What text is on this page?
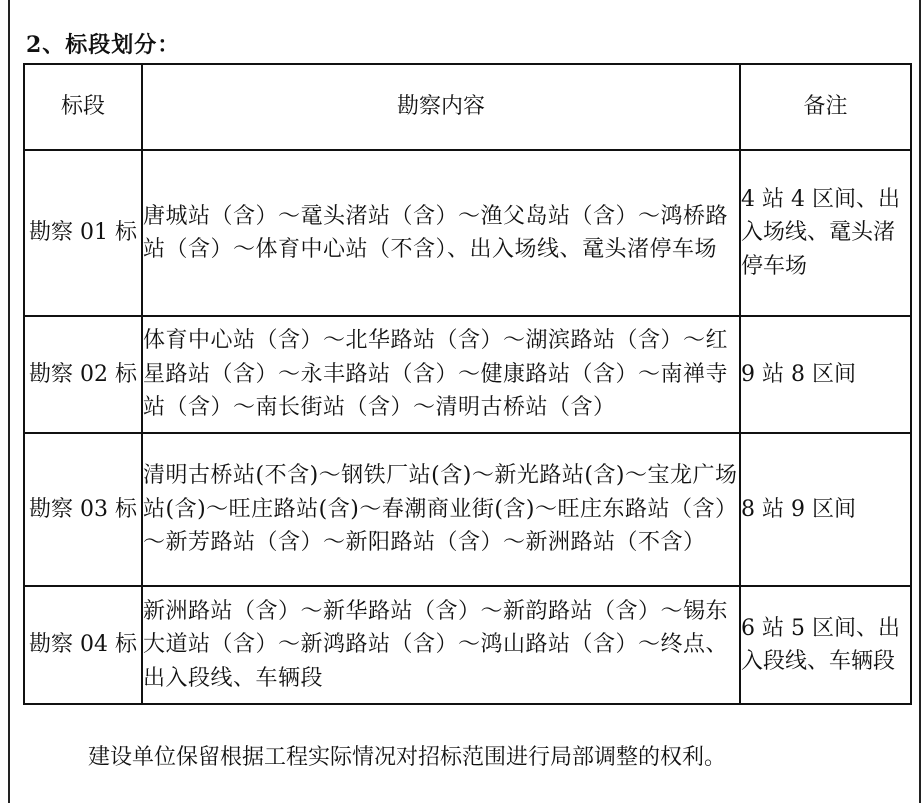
2、标段划分：
标段	勘察内容	备注
勘察 01 标	唐城站（含）～鼋头渚站（含）～渔父岛站（含）～鸿桥路站（含）～体育中心站（不含）、出入场线、鼋头渚停车场	4 站 4 区间、出入场线、鼋头渚停车场
勘察 02 标	体育中心站（含）～北华路站（含）～湖滨路站（含）～红星路站（含）～永丰路站（含）～健康路站（含）～南禅寺站（含）～南长街站（含）～清明古桥站（含）	9 站 8 区间
勘察 03 标	清明古桥站(不含)～钢铁厂站(含)～新光路站(含)～宝龙广场站(含)～旺庄路站(含)～春潮商业街(含)～旺庄东路站（含）～新芳路站（含）～新阳路站（含）～新洲路站（不含）	8 站 9 区间
勘察 04 标	新洲路站（含）～新华路站（含）～新韵路站（含）～锡东大道站（含）～新鸿路站（含）～鸿山路站（含）～终点、出入段线、车辆段	6 站 5 区间、出入段线、车辆段
建设单位保留根据工程实际情况对招标范围进行局部调整的权利。
